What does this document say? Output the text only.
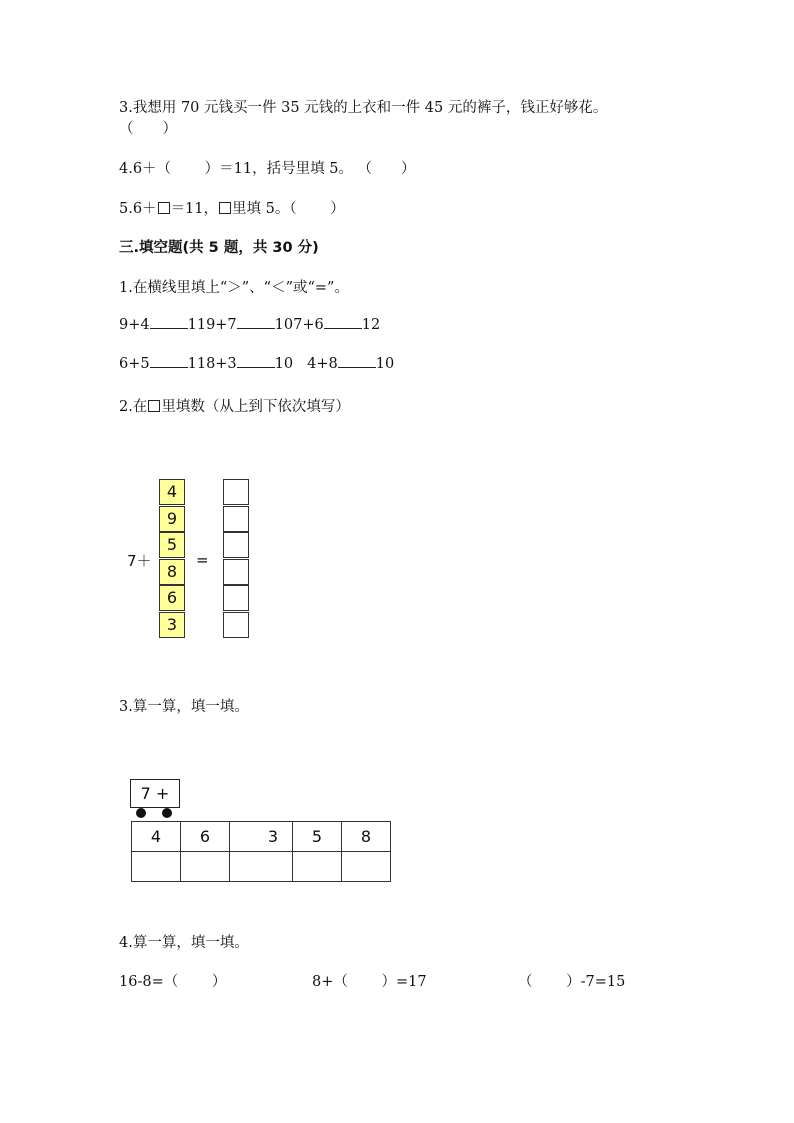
3.我想用 70 元钱买一件 35 元钱的上衣和一件 45 元的裤子，钱正好够花。
（　　）
4.6＋（　　 ）＝11，括号里填 5。 （　　）
5.6＋ ＝11， 里填 5。（　　 ）
三.填空题(共 5 题，共 30 分)
1.在横线里填上“＞”、“＜”或“=”。
9+4	119+7	107+6	12
6+5	118+3	10 4+8	10
2.在 里填数（从上到下依次填写）
7＋
4
9
5
8
6
3
=
3.算一算，填一填。
7 +
4	6	3	5	8

4.算一算，填一填。
16-8=（　　 ）	8+（　　 ）=17	（　　 ）-7=15
